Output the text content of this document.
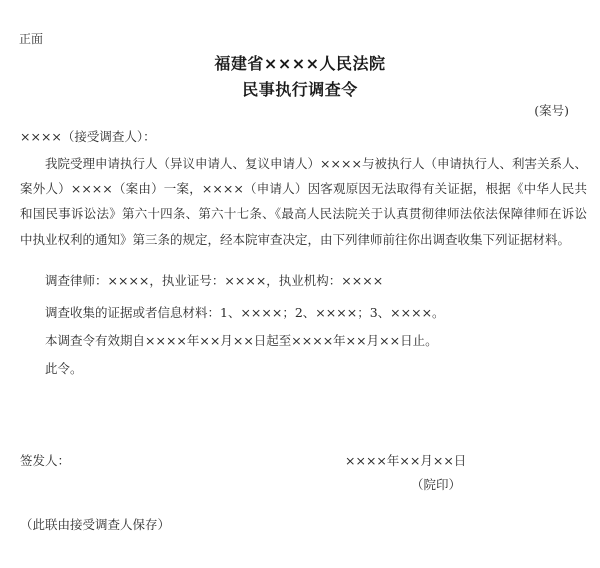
正面
福建省××××人民法院
民事执行调查令
(案号)
××××（接受调查人）：
我院受理申请执行人（异议申请人、复议申请人）××××与被执行人（申请执行人、利害关系人、案外人）××××（案由）一案，××××（申请人）因客观原因无法取得有关证据，根据《中华人民共和国民事诉讼法》第六十四条、第六十七条、《最高人民法院关于认真贯彻律师法依法保障律师在诉讼中执业权利的通知》第三条的规定，经本院审查决定，由下列律师前往你出调查收集下列证据材料。
调查律师：××××，执业证号：××××，执业机构：××××
调查收集的证据或者信息材料：1、××××；2、××××；3、××××。
本调查令有效期自××××年××月××日起至××××年××月××日止。
此令。
签发人：	××××年××月××日
（院印）
（此联由接受调查人保存）
